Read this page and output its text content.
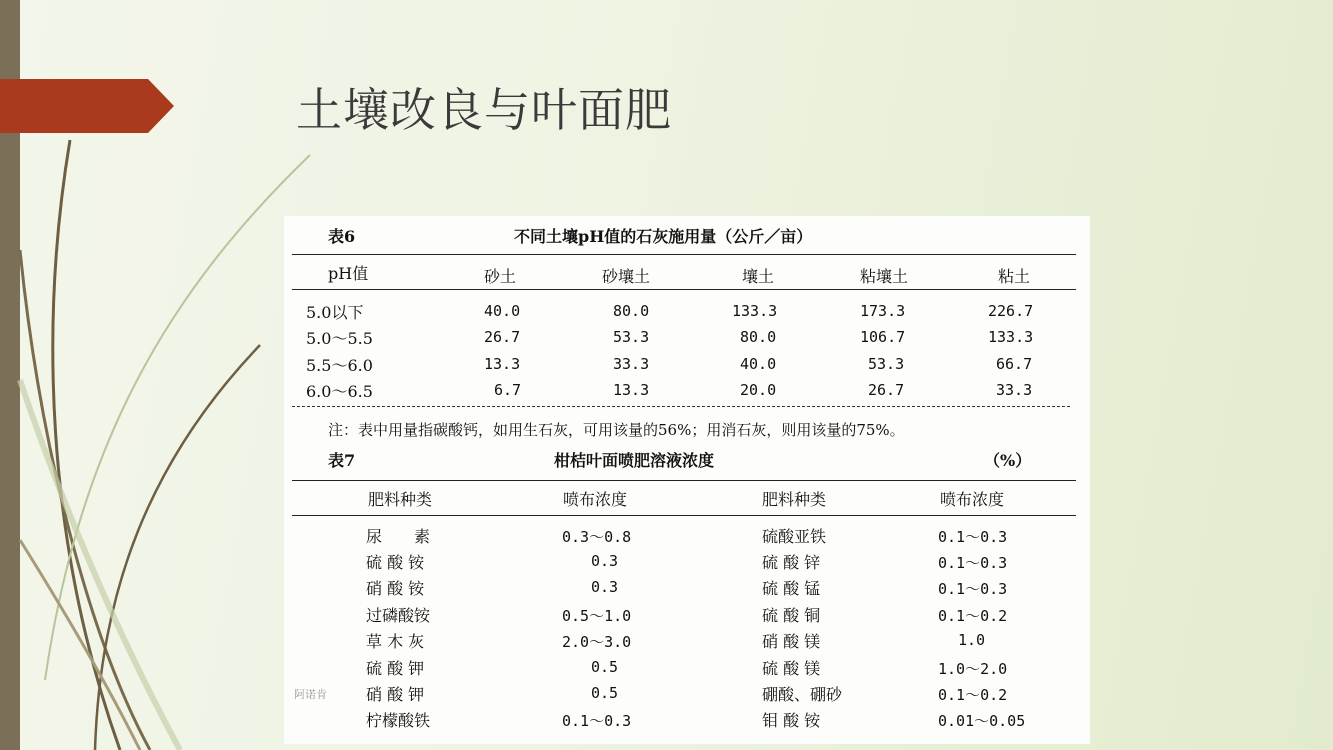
土壤改良与叶面肥
表6	不同土壤pH值的石灰施用量（公斤／亩）
pH值	砂土	砂壤土	壤土	粘壤土	粘土
5.0以下	40.0	80.0	133.3	173.3	226.7
5.0～5.5	26.7	53.3	80.0	106.7	133.3
5.5～6.0	13.3	33.3	40.0	53.3	66.7
6.0～6.5	6.7	13.3	20.0	26.7	33.3
注：表中用量指碳酸钙，如用生石灰，可用该量的56%；用消石灰，则用该量的75%。
表7	柑桔叶面喷肥溶液浓度	（%）
肥料种类	喷布浓度	肥料种类	喷布浓度
尿　　素	0.3～0.8	硫酸亚铁	0.1～0.3
硫 酸 铵	0.3	硫 酸 锌	0.1～0.3
硝 酸 铵	0.3	硫 酸 锰	0.1～0.3
过磷酸铵	0.5～1.0	硫 酸 铜	0.1～0.2
草 木 灰	2.0～3.0	硝 酸 镁	1.0
硫 酸 钾	0.5	硫 酸 镁	1.0～2.0
硝 酸 钾	0.5	硼酸、硼砂	0.1～0.2
柠檬酸铁	0.1～0.3	钼 酸 铵	0.01～0.05
阿诺肯
